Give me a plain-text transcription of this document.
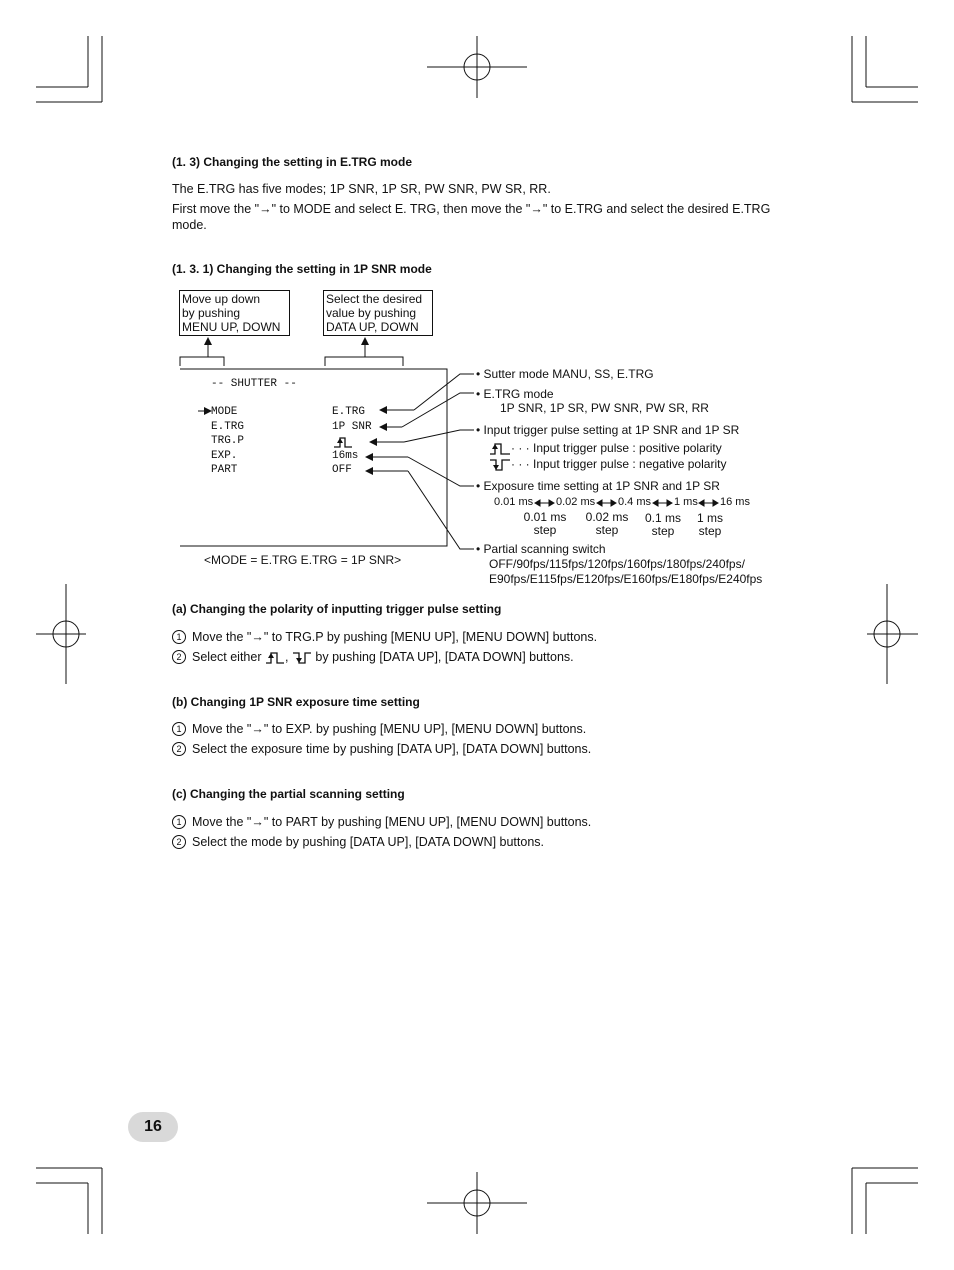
(1. 3) Changing the setting in E.TRG mode
The E.TRG has five modes; 1P SNR, 1P SR, PW SNR, PW SR, RR.
First move the "→" to MODE and select E. TRG, then move the "→" to E.TRG and select the desired E.TRG
mode.
(1. 3. 1) Changing the setting in 1P SNR mode
Move up down
by pushing
MENU UP, DOWN
Select the desired
value by pushing
DATA UP, DOWN
-- SHUTTER --
MODE
E.TRG
TRG.P
EXP.
PART
E.TRG
1P SNR
16ms
OFF
<MODE = E.TRG E.TRG = 1P SNR>
• Sutter mode MANU, SS, E.TRG
• E.TRG mode
1P SNR, 1P SR, PW SNR, PW SR, RR
• Input trigger pulse setting at 1P SNR and 1P SR
· · · Input trigger pulse : positive polarity
· · · Input trigger pulse : negative polarity
• Exposure time setting at 1P SNR and 1P SR
0.01 ms 0.02 ms 0.4 ms 1 ms 16 ms
0.01 ms
step
0.02 ms
step
0.1 ms
step
1 ms
step
• Partial scanning switch
OFF/90fps/115fps/120fps/160fps/180fps/240fps/
E90fps/E115fps/E120fps/E160fps/E180fps/E240fps
(a) Changing the polarity of inputting trigger pulse setting
1 Move the "→" to TRG.P by pushing [MENU UP], [MENU DOWN] buttons.
2 Select either , by pushing [DATA UP], [DATA DOWN] buttons.
(b) Changing 1P SNR exposure time setting
1 Move the "→" to EXP. by pushing [MENU UP], [MENU DOWN] buttons.
2 Select the exposure time by pushing [DATA UP], [DATA DOWN] buttons.
(c) Changing the partial scanning setting
1 Move the "→" to PART by pushing [MENU UP], [MENU DOWN] buttons.
2 Select the mode by pushing [DATA UP], [DATA DOWN] buttons.
16
